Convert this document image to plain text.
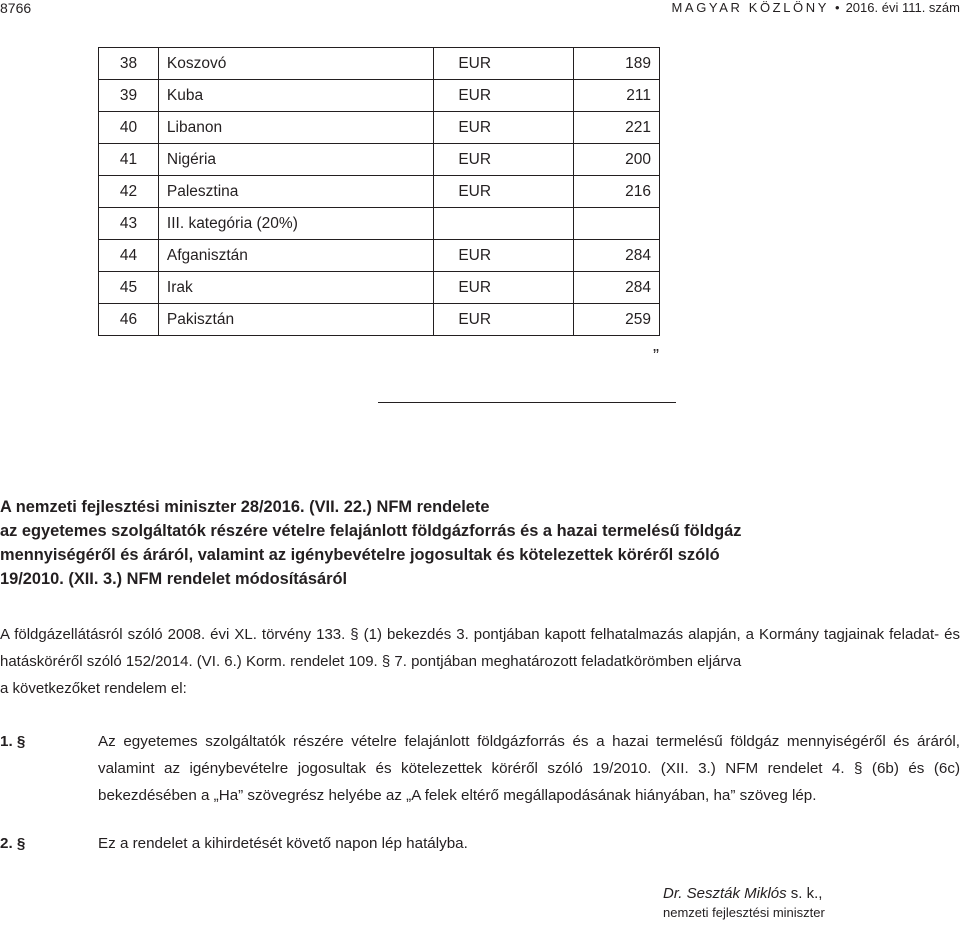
8766	MAGYAR KÖZLÖNY • 2016. évi 111. szám
38	Koszovó	EUR	189
39	Kuba	EUR	211
40	Libanon	EUR	221
41	Nigéria	EUR	200
42	Palesztina	EUR	216
43	III. kategória (20%)		
44	Afganisztán	EUR	284
45	Irak	EUR	284
46	Pakisztán	EUR	259
”
A nemzeti fejlesztési miniszter 28/2016. (VII. 22.) NFM rendelete
az egyetemes szolgáltatók részére vételre felajánlott földgázforrás és a hazai termelésű földgáz
mennyiségéről és áráról, valamint az igénybevételre jogosultak és kötelezettek köréről szóló
19/2010. (XII. 3.) NFM rendelet módosításáról

A földgázellátásról szóló 2008. évi XL. törvény 133. § (1) bekezdés 3. pontjában kapott felhatalmazás alapján, a Kormány tagjainak feladat- és hatásköréről szóló 152/2014. (VI. 6.) Korm. rendelet 109. § 7. pontjában meghatározott feladatkörömben eljárva
a következőket rendelem el:

1. §	Az egyetemes szolgáltatók részére vételre felajánlott földgázforrás és a hazai termelésű földgáz mennyiségéről és áráról, valamint az igénybevételre jogosultak és kötelezettek köréről szóló 19/2010. (XII. 3.) NFM rendelet 4. § (6b) és (6c) bekezdésében a „Ha” szövegrész helyébe az „A felek eltérő megállapodásának hiányában, ha” szöveg lép.
2. §	Ez a rendelet a kihirdetését követő napon lép hatályba.
Dr. Seszták Miklós s. k.,
nemzeti fejlesztési miniszter
